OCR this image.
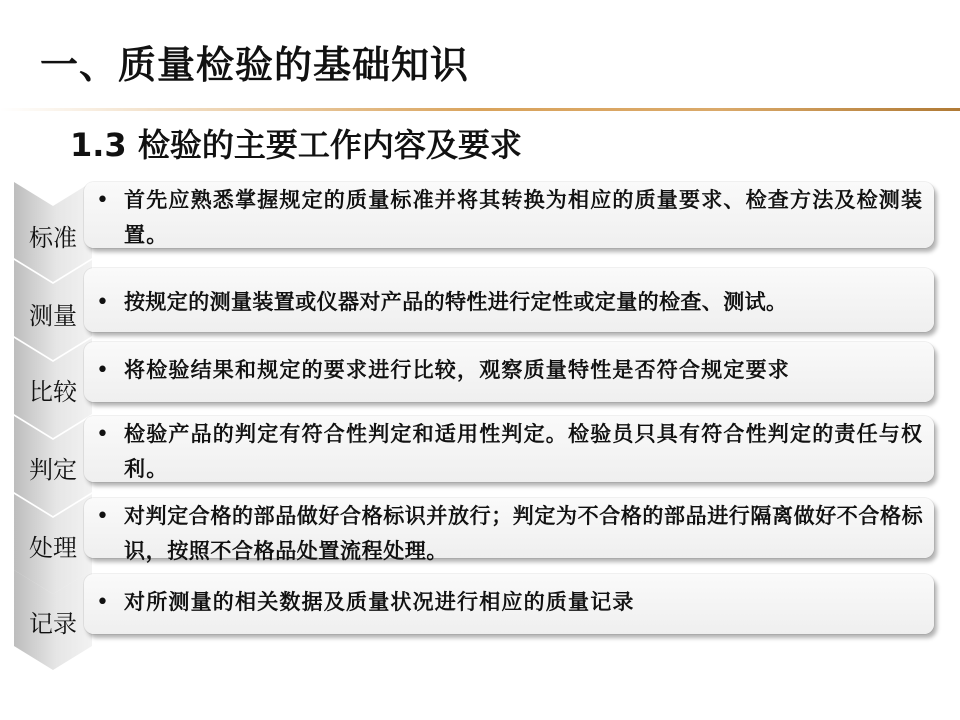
一、质量检验的基础知识
1.3 检验的主要工作内容及要求
标准
• 首先应熟悉掌握规定的质量标准并将其转换为相应的质量要求、检查方法及检测装置。
测量 • 按规定的测量装置或仪器对产品的特性进行定性或定量的检查、测试。
比较
• 将检验结果和规定的要求进行比较，观察质量特性是否符合规定要求
判定
• 检验产品的判定有符合性判定和适用性判定。检验员只具有符合性判定的责任与权利。
处理
• 对判定合格的部品做好合格标识并放行；判定为不合格的部品进行隔离做好不合格标识，按照不合格品处置流程处理。
记录
• 对所测量的相关数据及质量状况进行相应的质量记录
